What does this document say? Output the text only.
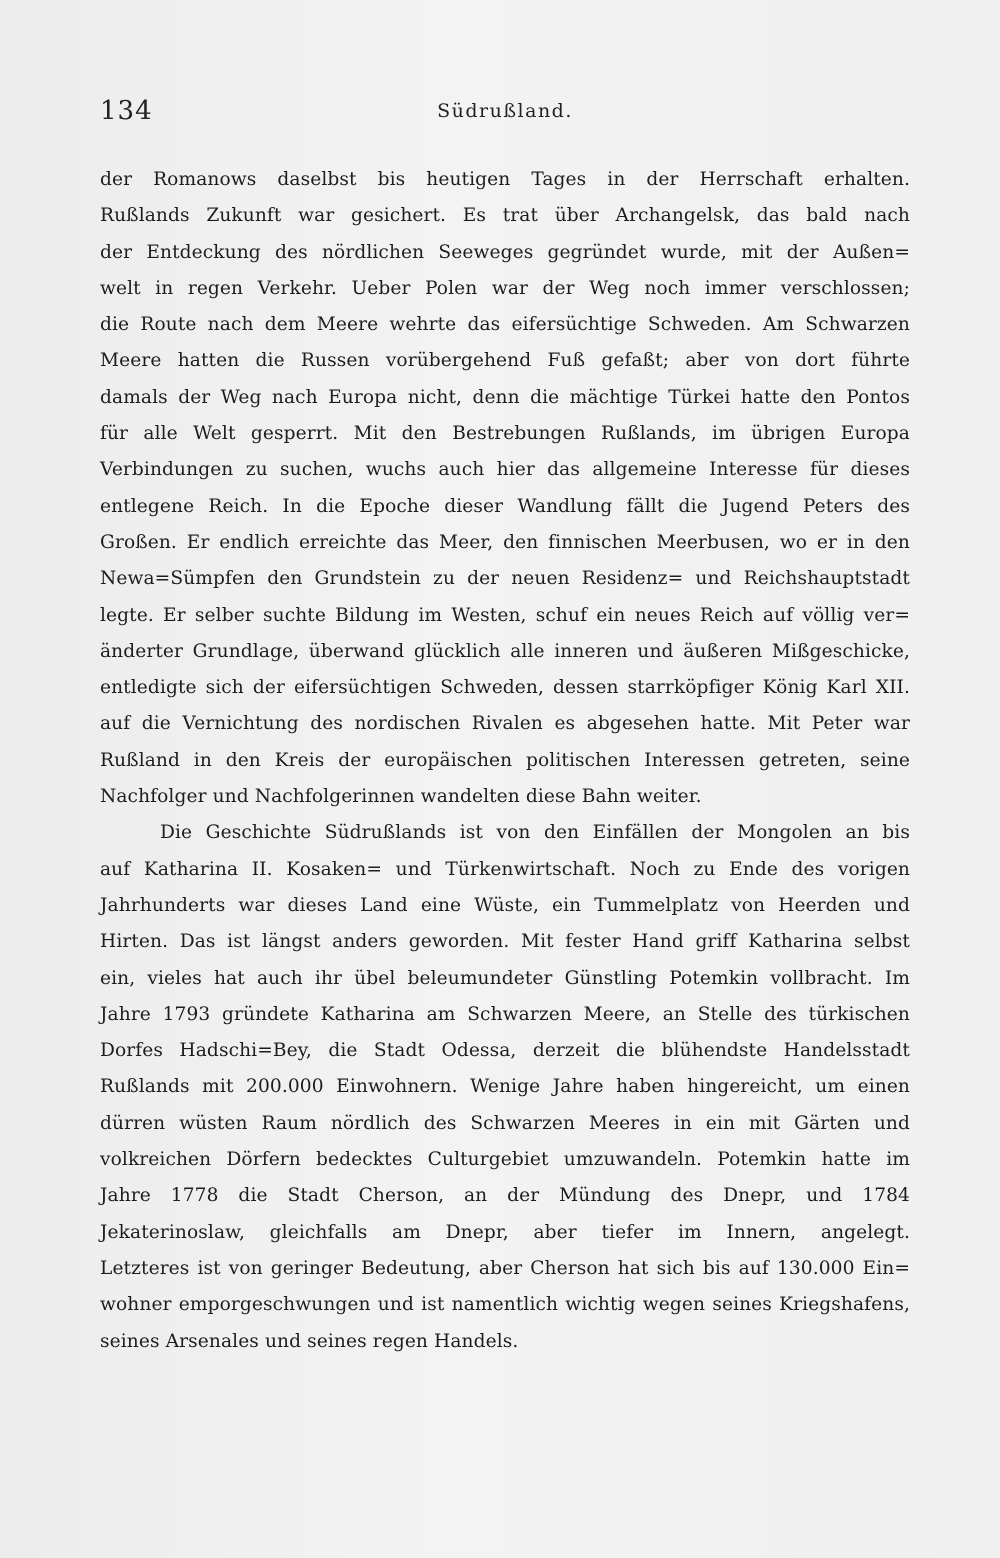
134	Südrußland.
der Romanows daselbst bis heutigen Tages in der Herrschaft erhalten.
Rußlands Zukunft war gesichert. Es trat über Archangelsk, das bald nach
der Entdeckung des nördlichen Seeweges gegründet wurde, mit der Außen=
welt in regen Verkehr. Ueber Polen war der Weg noch immer verschlossen;
die Route nach dem Meere wehrte das eifersüchtige Schweden. Am Schwarzen
Meere hatten die Russen vorübergehend Fuß gefaßt; aber von dort führte
damals der Weg nach Europa nicht, denn die mächtige Türkei hatte den Pontos
für alle Welt gesperrt. Mit den Bestrebungen Rußlands, im übrigen Europa
Verbindungen zu suchen, wuchs auch hier das allgemeine Interesse für dieses
entlegene Reich. In die Epoche dieser Wandlung fällt die Jugend Peters des
Großen. Er endlich erreichte das Meer, den finnischen Meerbusen, wo er in den
Newa=Sümpfen den Grundstein zu der neuen Residenz= und Reichshauptstadt
legte. Er selber suchte Bildung im Westen, schuf ein neues Reich auf völlig ver=
änderter Grundlage, überwand glücklich alle inneren und äußeren Mißgeschicke,
entledigte sich der eifersüchtigen Schweden, dessen starrköpfiger König Karl XII.
auf die Vernichtung des nordischen Rivalen es abgesehen hatte. Mit Peter war
Rußland in den Kreis der europäischen politischen Interessen getreten, seine
Nachfolger und Nachfolgerinnen wandelten diese Bahn weiter.
Die Geschichte Südrußlands ist von den Einfällen der Mongolen an bis
auf Katharina II. Kosaken= und Türkenwirtschaft. Noch zu Ende des vorigen
Jahrhunderts war dieses Land eine Wüste, ein Tummelplatz von Heerden und
Hirten. Das ist längst anders geworden. Mit fester Hand griff Katharina selbst
ein, vieles hat auch ihr übel beleumundeter Günstling Potemkin vollbracht. Im
Jahre 1793 gründete Katharina am Schwarzen Meere, an Stelle des türkischen
Dorfes Hadschi=Bey, die Stadt Odessa, derzeit die blühendste Handelsstadt
Rußlands mit 200.000 Einwohnern. Wenige Jahre haben hingereicht, um einen
dürren wüsten Raum nördlich des Schwarzen Meeres in ein mit Gärten und
volkreichen Dörfern bedecktes Culturgebiet umzuwandeln. Potemkin hatte im
Jahre 1778 die Stadt Cherson, an der Mündung des Dnepr, und 1784
Jekaterinoslaw, gleichfalls am Dnepr, aber tiefer im Innern, angelegt.
Letzteres ist von geringer Bedeutung, aber Cherson hat sich bis auf 130.000 Ein=
wohner emporgeschwungen und ist namentlich wichtig wegen seines Kriegshafens,
seines Arsenales und seines regen Handels.
